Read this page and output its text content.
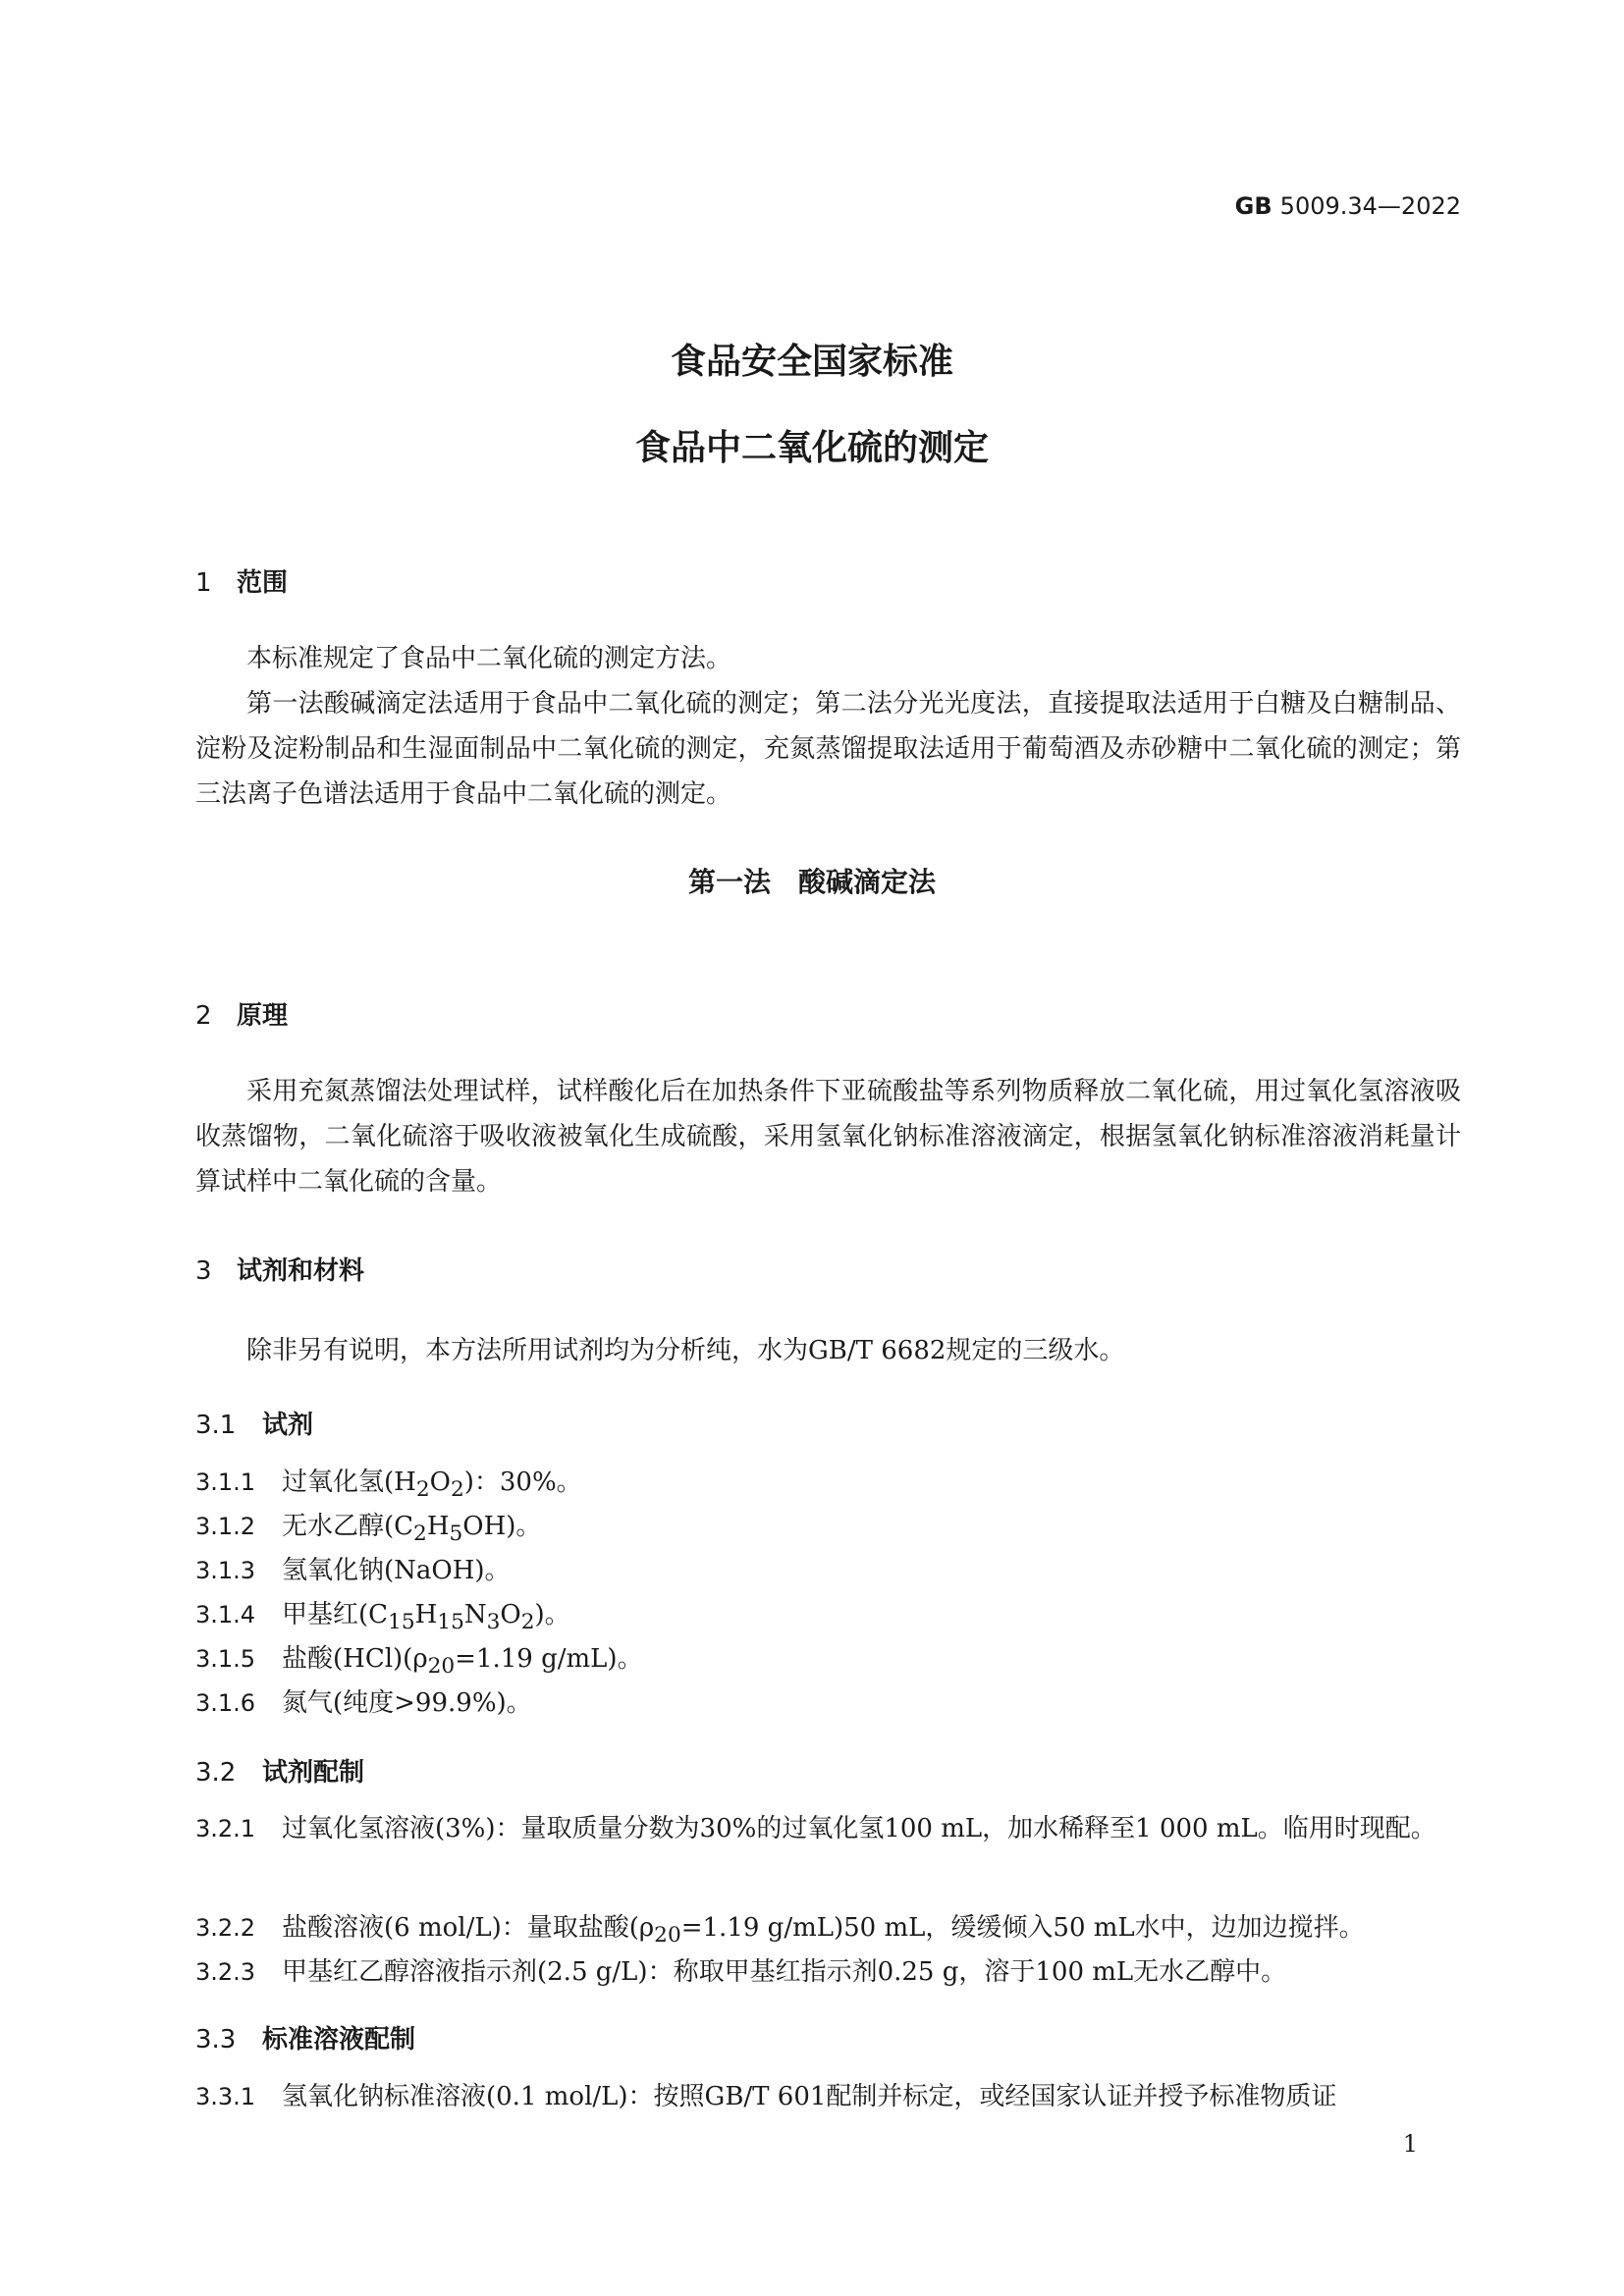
GB 5009.34—2022
食品安全国家标准
食品中二氧化硫的测定
1 范围

本标准规定了食品中二氧化硫的测定方法。

第一法酸碱滴定法适用于食品中二氧化硫的测定；第二法分光光度法，直接提取法适用于白糖及白糖制品、淀粉及淀粉制品和生湿面制品中二氧化硫的测定，充氮蒸馏提取法适用于葡萄酒及赤砂糖中二氧化硫的测定；第三法离子色谱法适用于食品中二氧化硫的测定。

第一法　酸碱滴定法
2 原理

采用充氮蒸馏法处理试样，试样酸化后在加热条件下亚硫酸盐等系列物质释放二氧化硫，用过氧化氢溶液吸收蒸馏物，二氧化硫溶于吸收液被氧化生成硫酸，采用氢氧化钠标准溶液滴定，根据氢氧化钠标准溶液消耗量计算试样中二氧化硫的含量。

3 试剂和材料

除非另有说明，本方法所用试剂均为分析纯，水为GB/T 6682规定的三级水。

3.1 试剂
3.1.1 过氧化氢$(H_2O_2)$：30%。
3.1.2 无水乙醇$(C_2H_5OH)$。
3.1.3 氢氧化钠(NaOH)。
3.1.4 甲基红$(C_{15}H_{15}N_3O_2)$。
3.1.5 盐酸$(HCl)(\rho_{20}=1.19$ g/mL)。
3.1.6 氮气(纯度>99.9%)。
3.2 试剂配制
3.2.1 过氧化氢溶液(3%)：量取质量分数为30%的过氧化氢100 mL，加水稀释至1 000 mL。临用时现配。
3.2.2 盐酸溶液(6 mol/L)：量取盐酸($\rho_{20}=1.19$ g/mL)50 mL，缓缓倾入50 mL水中，边加边搅拌。
3.2.3 甲基红乙醇溶液指示剂(2.5 g/L)：称取甲基红指示剂0.25 g，溶于100 mL无水乙醇中。
3.3 标准溶液配制
3.3.1 氢氧化钠标准溶液(0.1 mol/L)：按照GB/T 601配制并标定，或经国家认证并授予标准物质证
1
